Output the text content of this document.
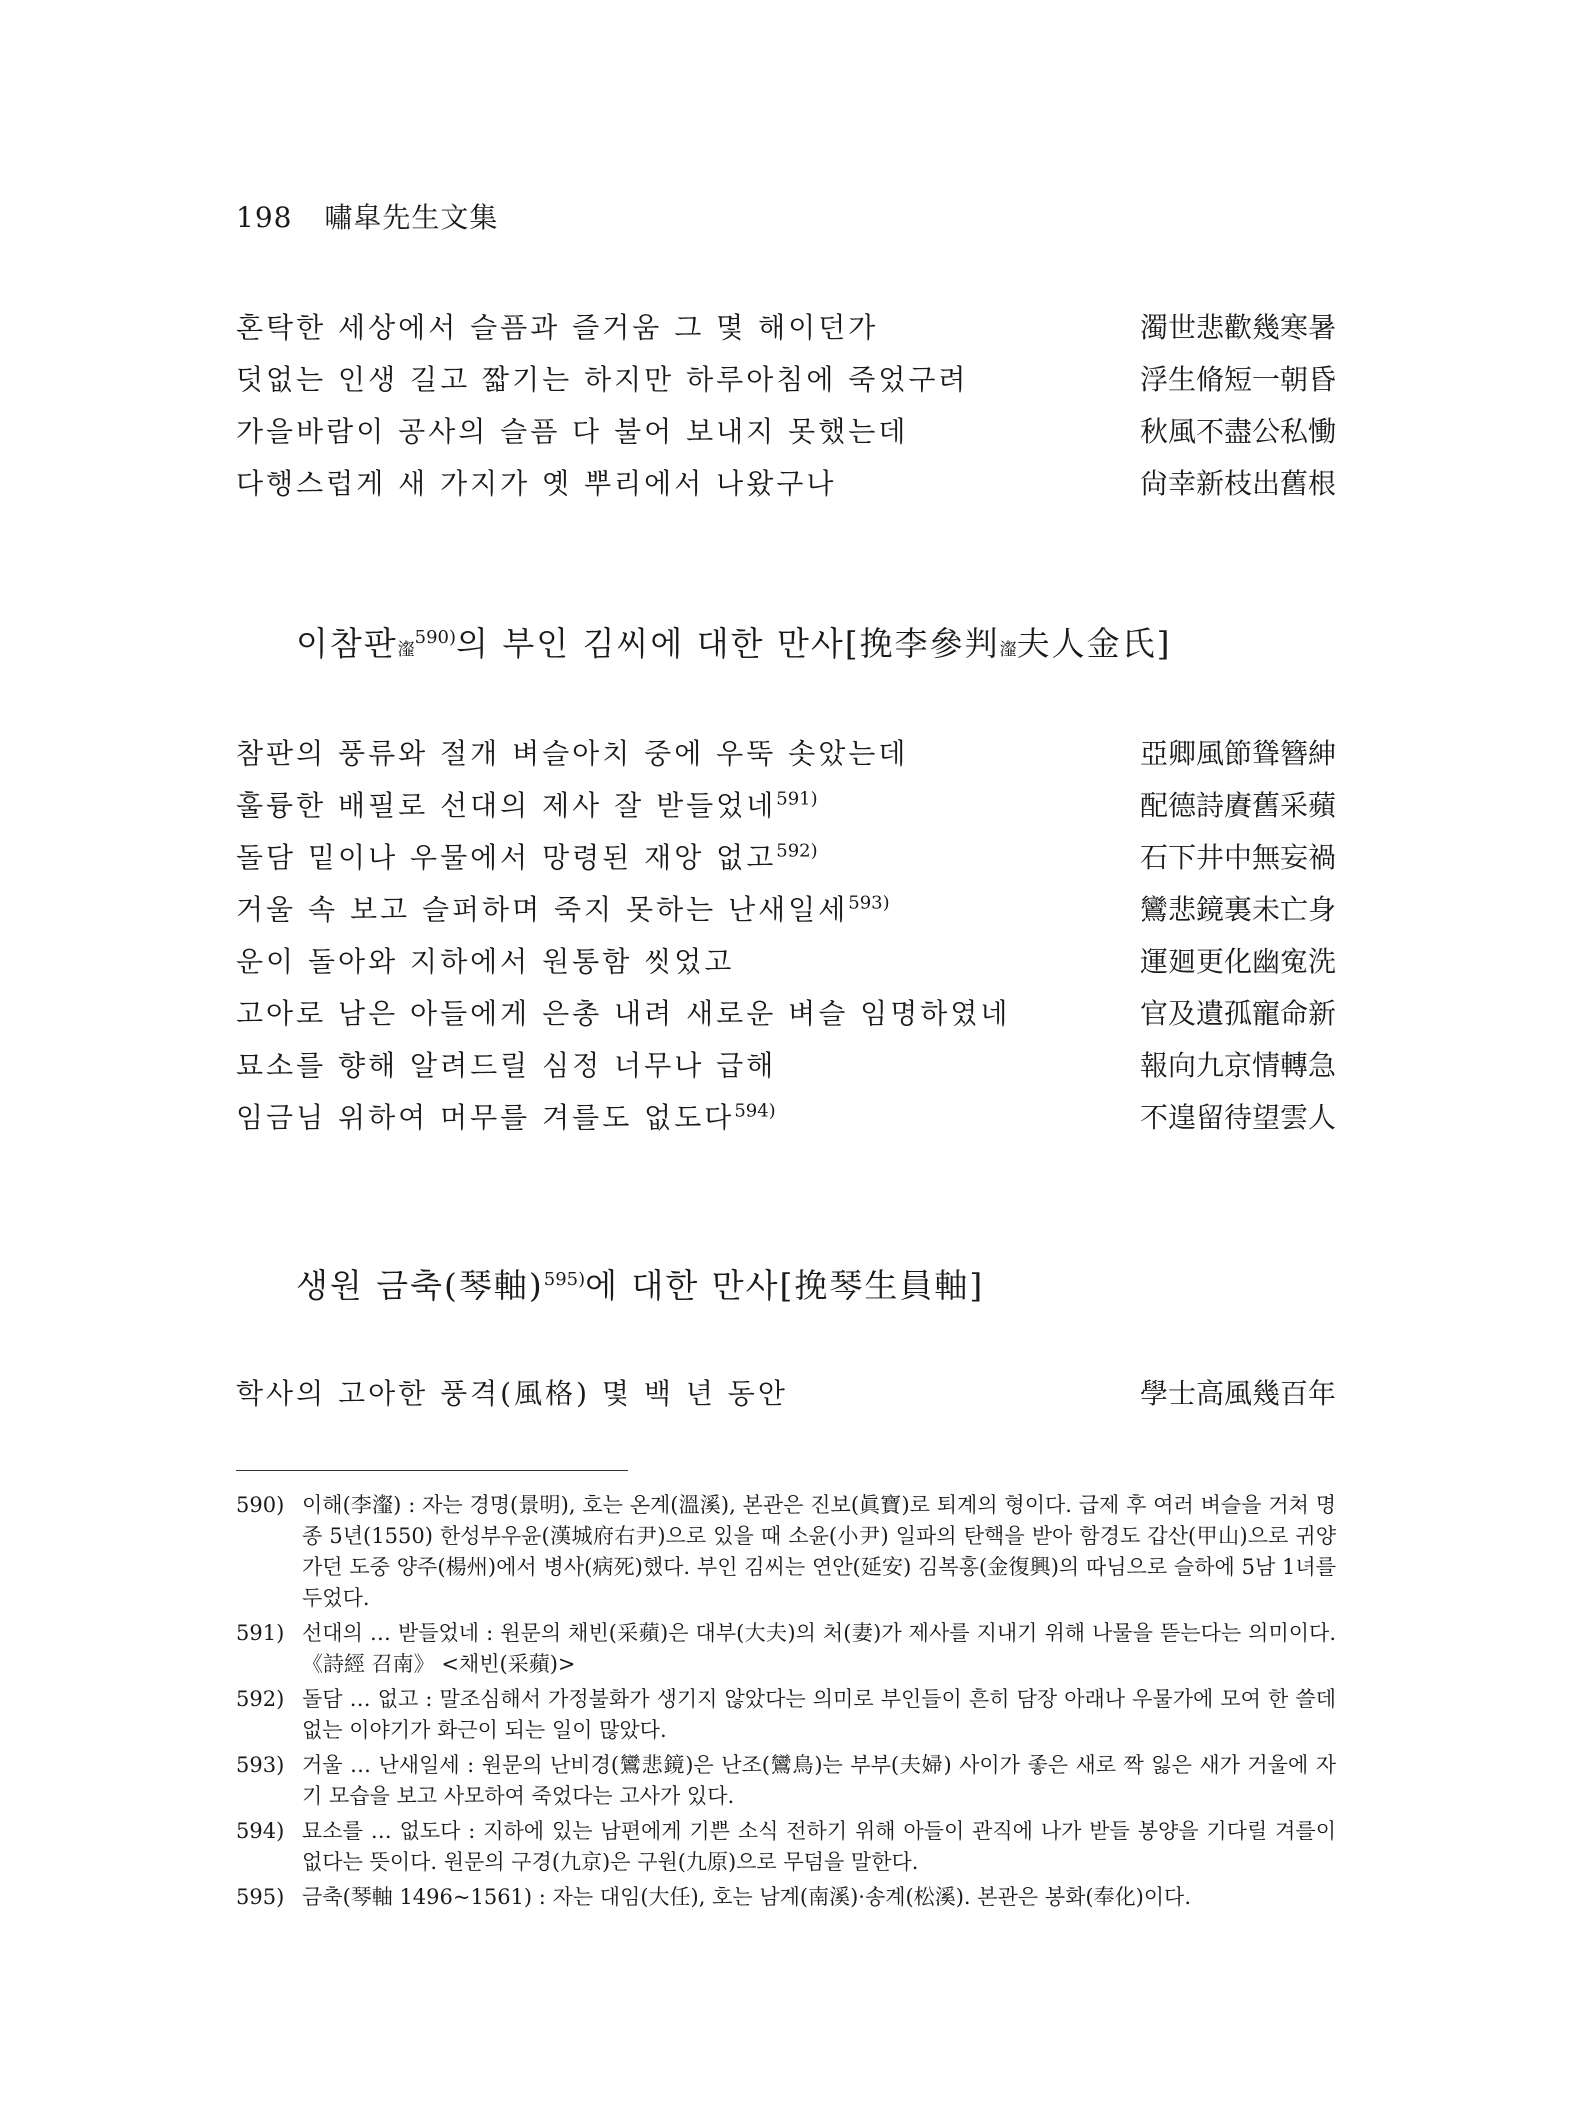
198 嘯皐先生文集
혼탁한 세상에서 슬픔과 즐거움 그 몇 해이던가	濁世悲歡幾寒暑
덧없는 인생 길고 짧기는 하지만 하루아침에 죽었구려	浮生脩短一朝昏
가을바람이 공사의 슬픔 다 불어 보내지 못했는데	秋風不盡公私慟
다행스럽게 새 가지가 옛 뿌리에서 나왔구나	尙幸新枝出舊根
이참판瀣$^{590)}$의 부인 김씨에 대한 만사[挽李參判瀣夫人金氏]
참판의 풍류와 절개 벼슬아치 중에 우뚝 솟았는데	亞卿風節聳簪紳
훌륭한 배필로 선대의 제사 잘 받들었네$^{591)}$	配德詩賡舊采蘋
돌담 밑이나 우물에서 망령된 재앙 없고$^{592)}$	石下井中無妄禍
거울 속 보고 슬퍼하며 죽지 못하는 난새일세$^{593)}$	鸞悲鏡裏未亡身
운이 돌아와 지하에서 원통함 씻었고	運廻更化幽寃洗
고아로 남은 아들에게 은총 내려 새로운 벼슬 임명하였네	官及遺孤寵命新
묘소를 향해 알려드릴 심정 너무나 급해	報向九京情轉急
임금님 위하여 머무를 겨를도 없도다$^{594)}$	不遑留待望雲人
생원 금축(琴軸)$^{595)}$에 대한 만사[挽琴生員軸]
학사의 고아한 풍격(風格) 몇 백 년 동안	學士高風幾百年
590) 이해(李瀣) : 자는 경명(景明), 호는 온계(溫溪), 본관은 진보(眞寶)로 퇴계의 형이다. 급제 후 여러 벼슬을 거쳐 명종 5년(1550) 한성부우윤(漢城府右尹)으로 있을 때 소윤(小尹) 일파의 탄핵을 받아 함경도 갑산(甲山)으로 귀양 가던 도중 양주(楊州)에서 병사(病死)했다. 부인 김씨는 연안(延安) 김복홍(金復興)의 따님으로 슬하에 5남 1녀를 두었다.
591) 선대의 … 받들었네 : 원문의 채빈(采蘋)은 대부(大夫)의 처(妻)가 제사를 지내기 위해 나물을 뜯는다는 의미이다. 《詩經 召南》 <채빈(采蘋)>
592) 돌담 … 없고 : 말조심해서 가정불화가 생기지 않았다는 의미로 부인들이 흔히 담장 아래나 우물가에 모여 한 쓸데없는 이야기가 화근이 되는 일이 많았다.
593) 거울 … 난새일세 : 원문의 난비경(鸞悲鏡)은 난조(鸞鳥)는 부부(夫婦) 사이가 좋은 새로 짝 잃은 새가 거울에 자기 모습을 보고 사모하여 죽었다는 고사가 있다.
594) 묘소를 … 없도다 : 지하에 있는 남편에게 기쁜 소식 전하기 위해 아들이 관직에 나가 받들 봉양을 기다릴 겨를이 없다는 뜻이다. 원문의 구경(九京)은 구원(九原)으로 무덤을 말한다.
595) 금축(琴軸 1496~1561) : 자는 대임(大任), 호는 남계(南溪)·송계(松溪). 본관은 봉화(奉化)이다.
